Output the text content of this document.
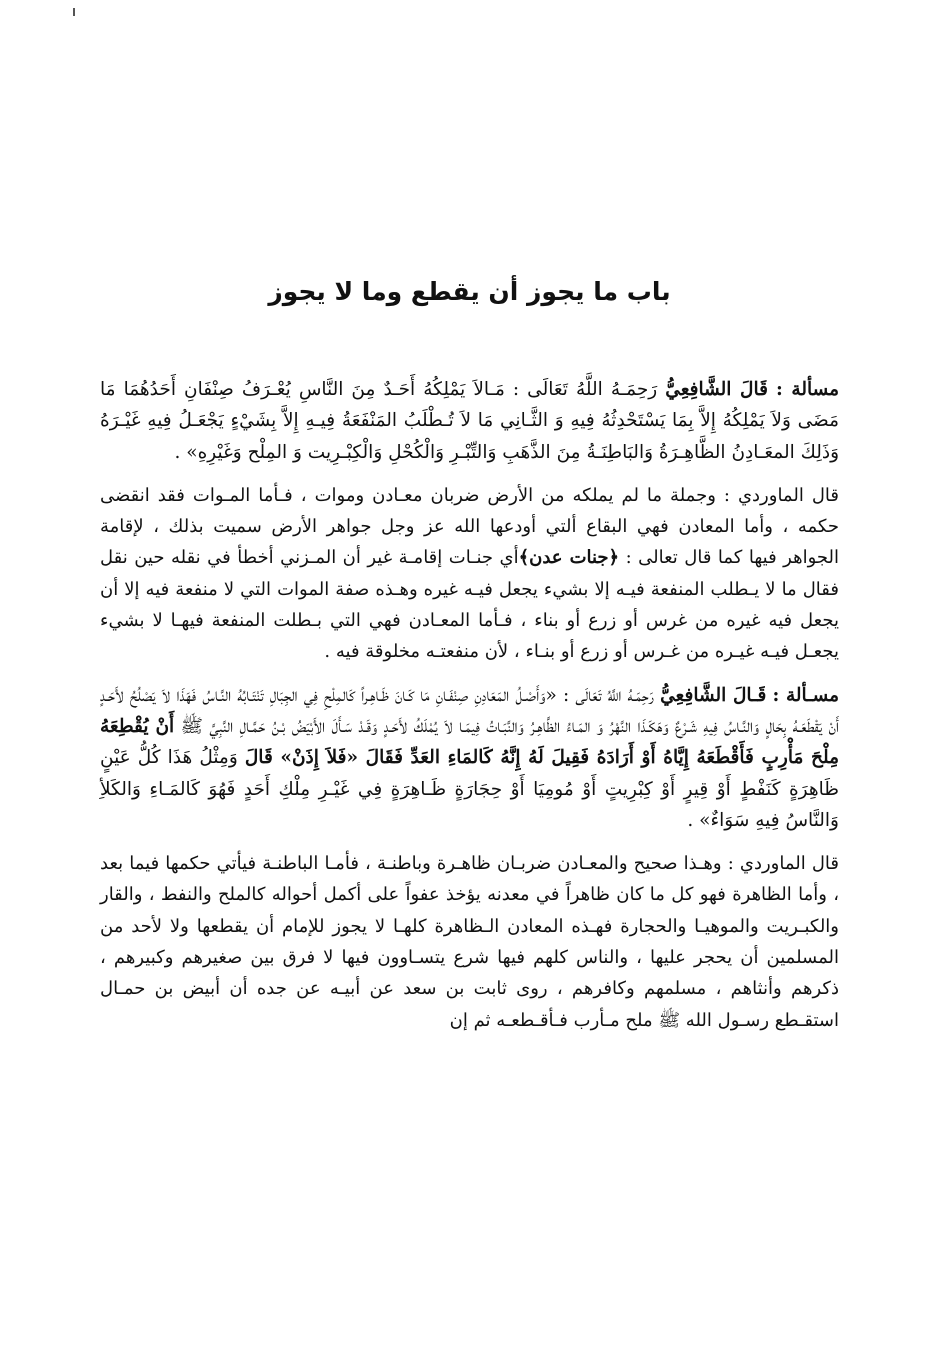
باب ما يجوز أن يقطع وما لا يجوز

مسألة : قَالَ الشَّافِعِيُّ رَحِمَـهُ اللَّهُ تَعَالَى : مَـالاَ يَمْلِكُهُ أَحَـدٌ مِنَ النَّاسِ يُعْـرَفُ صِنْفَانِ أَحَدُهُمَا مَا مَضَى وَلاَ يَمْلِكُهُ إِلاَّ بِمَا يَسْتَحْدِثُهُ فِيهِ وَ الثَّـانِي مَا لاَ تُـطْلَبُ المَنْفَعَةُ فِيـهِ إِلاَّ بِشَيْءٍ يَجْعَـلُ فِيهِ غَيْـرَهُ وَذَلِكَ المعَـادِنُ الظَّاهِـرَةُ وَالبَاطِنَـةُ مِنَ الذَّهَبِ وَالتِّبْـرِ وَالْكُحْلِ وَالْكِبْـرِيت وَ المِلْح وَغَيْرِهِ» .

قال الماوردي : وجملة ما لم يملكه من الأرض ضربان معـادن وموات ، فـأما المـوات فقد انقضى حكمه ، وأما المعادن فهي البقاع ألتي أودعها الله عز وجل جواهر الأرض سميت بذلك ، لإقامة الجواهر فيها كما قال تعالى : ﴿جنات عدن﴾أي جنـات إقامـة غير أن المـزني أخطأ في نقله حين نقل فقال ما لا يـطلب المنفعة فيـه إلا بشيء يجعل فيـه غيره وهـذه صفة الموات التي لا منفعة فيه إلا أن يجعل فيه غيره من غرس أو زرع أو بناء ، فـأما المعـادن فهي التي بـطلت المنفعة فيهـا لا بشيء يجعـل فيـه غيـره من غـرس أو زرع أو بنـاء ، لأن منفعتـه مخلوقة فيه .

مسـألة : قَـالَ الشَّافِعِيُّ رَحِمَـهُ اللَّهُ تَعَالَى : «وَأَصْـلُ المَعَادِنِ صِنْفَـانِ مَا كَـانَ ظَـاهِـراً كَالمِلْحِ فِي الجِبَالِ تَنْتَـابُهُ النَّـاسُ فَهَذَا لاَ يَصْلُحُ لأَحَـدٍ أَنْ يَقْطَعَـهُ بِحَالٍ وَالنَّـاسُ فِيهِ شَـرْعٌ وَهَكَـذَا النَّهْرُ وَ المَـاءُ الظَّاهِـرُ وَالنَّبَـاتُ فِيمَـا لاَ يُمْلَكُ لأَحَـدٍ وَقَـدْ سَـأَلَ الأَبْيَضُ بْـنُ حَمَّـالِ النَّبِيَّ ﷺ أَنْ يُقْطِعَهُ مِلْحَ مَأْرِبٍ فَأَقْطَعَهُ إِيَّاهُ أَوْ أَرَادَهُ فَقِيلَ لَهُ إِنَّهُ كَالمَاءِ العَدِّ فَقَالَ «فَلاَ إِذَنْ» قَالَ وَمِثْلُ هَذَا كُلُّ عَيْنٍ ظَاهِرَةٍ كَنَفْطٍ أَوْ قِيرٍ أَوْ كِبْرِيتٍ أَوْ مُومِيَا أَوْ حِجَارَةٍ ظَـاهِرَةٍ فِي غَيْـرِ مِلْكِ أَحَدٍ فَهُوَ كَالمَـاءِ وَالكَلأِ وَالنَّاسُ فِيهِ سَوَاءٌ» .

قال الماوردي : وهـذا صحيح والمعـادن ضربـان ظاهـرة وباطنـة ، فأمـا الباطنـة فيأتي حكمها فيما بعد ، وأما الظاهرة فهو كل ما كان ظاهراً في معدنه يؤخذ عفواً على أكمل أحواله كالملح والنفط ، والقار والكبـريت والموهيـا والحجارة فهـذه المعادن الـظاهرة كلهـا لا يجوز للإمام أن يقطعها ولا لأحد من المسلمين أن يحجر عليها ، والناس كلهم فيها شرع يتسـاوون فيها لا فرق بين صغيرهم وكبيرهم ، ذكرهم وأنثاهم ، مسلمهم وكافرهم ، روى ثابت بن سعد عن أبيـه عن جده أن أبيض بن حمـال استقـطع رسـول الله ﷺ ملح مـأرب فـأقـطعـه ثم إن
